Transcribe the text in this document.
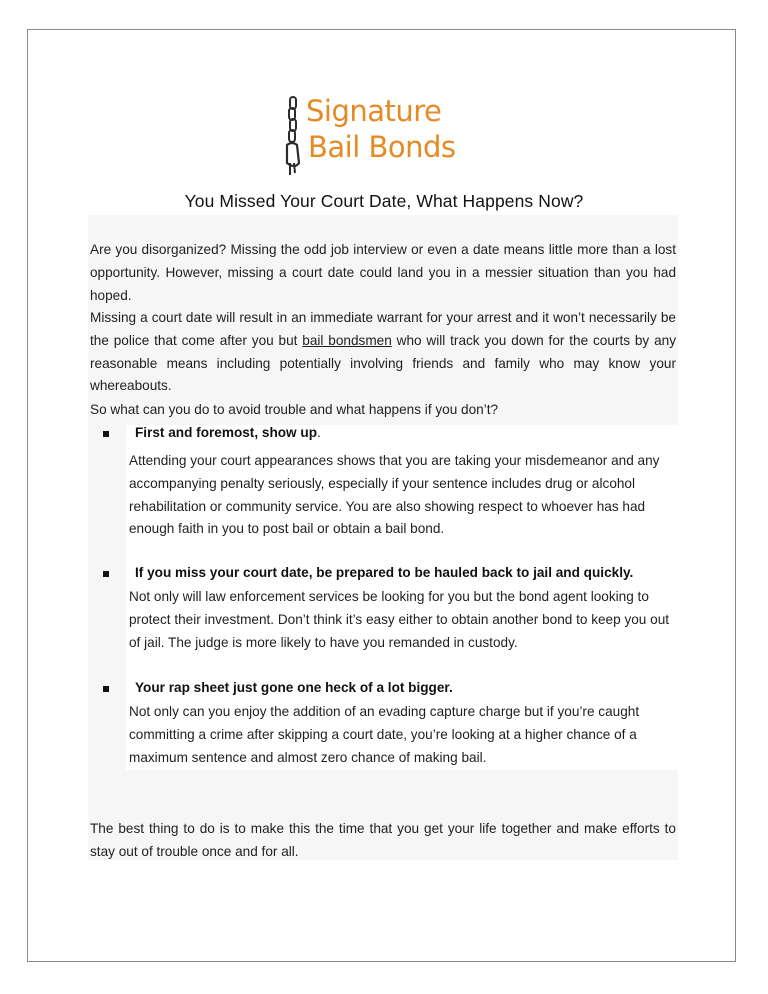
Signature
Bail Bonds
You Missed Your Court Date, What Happens Now?
Are you disorganized? Missing the odd job interview or even a date means little more than a lost opportunity. However, missing a court date could land you in a messier situation than you had hoped.
Missing a court date will result in an immediate warrant for your arrest and it won’t necessarily be the police that come after you but bail bondsmen who will track you down for the courts by any reasonable means including potentially involving friends and family who may know your whereabouts.
So what can you do to avoid trouble and what happens if you don’t?
First and foremost, show up.
Attending your court appearances shows that you are taking your misdemeanor and any accompanying penalty seriously, especially if your sentence includes drug or alcohol rehabilitation or community service. You are also showing respect to whoever has had enough faith in you to post bail or obtain a bail bond.
If you miss your court date, be prepared to be hauled back to jail and quickly.
Not only will law enforcement services be looking for you but the bond agent looking to protect their investment. Don’t think it’s easy either to obtain another bond to keep you out of jail. The judge is more likely to have you remanded in custody.
Your rap sheet just gone one heck of a lot bigger.
Not only can you enjoy the addition of an evading capture charge but if you’re caught committing a crime after skipping a court date, you’re looking at a higher chance of a maximum sentence and almost zero chance of making bail.
The best thing to do is to make this the time that you get your life together and make efforts to stay out of trouble once and for all.
